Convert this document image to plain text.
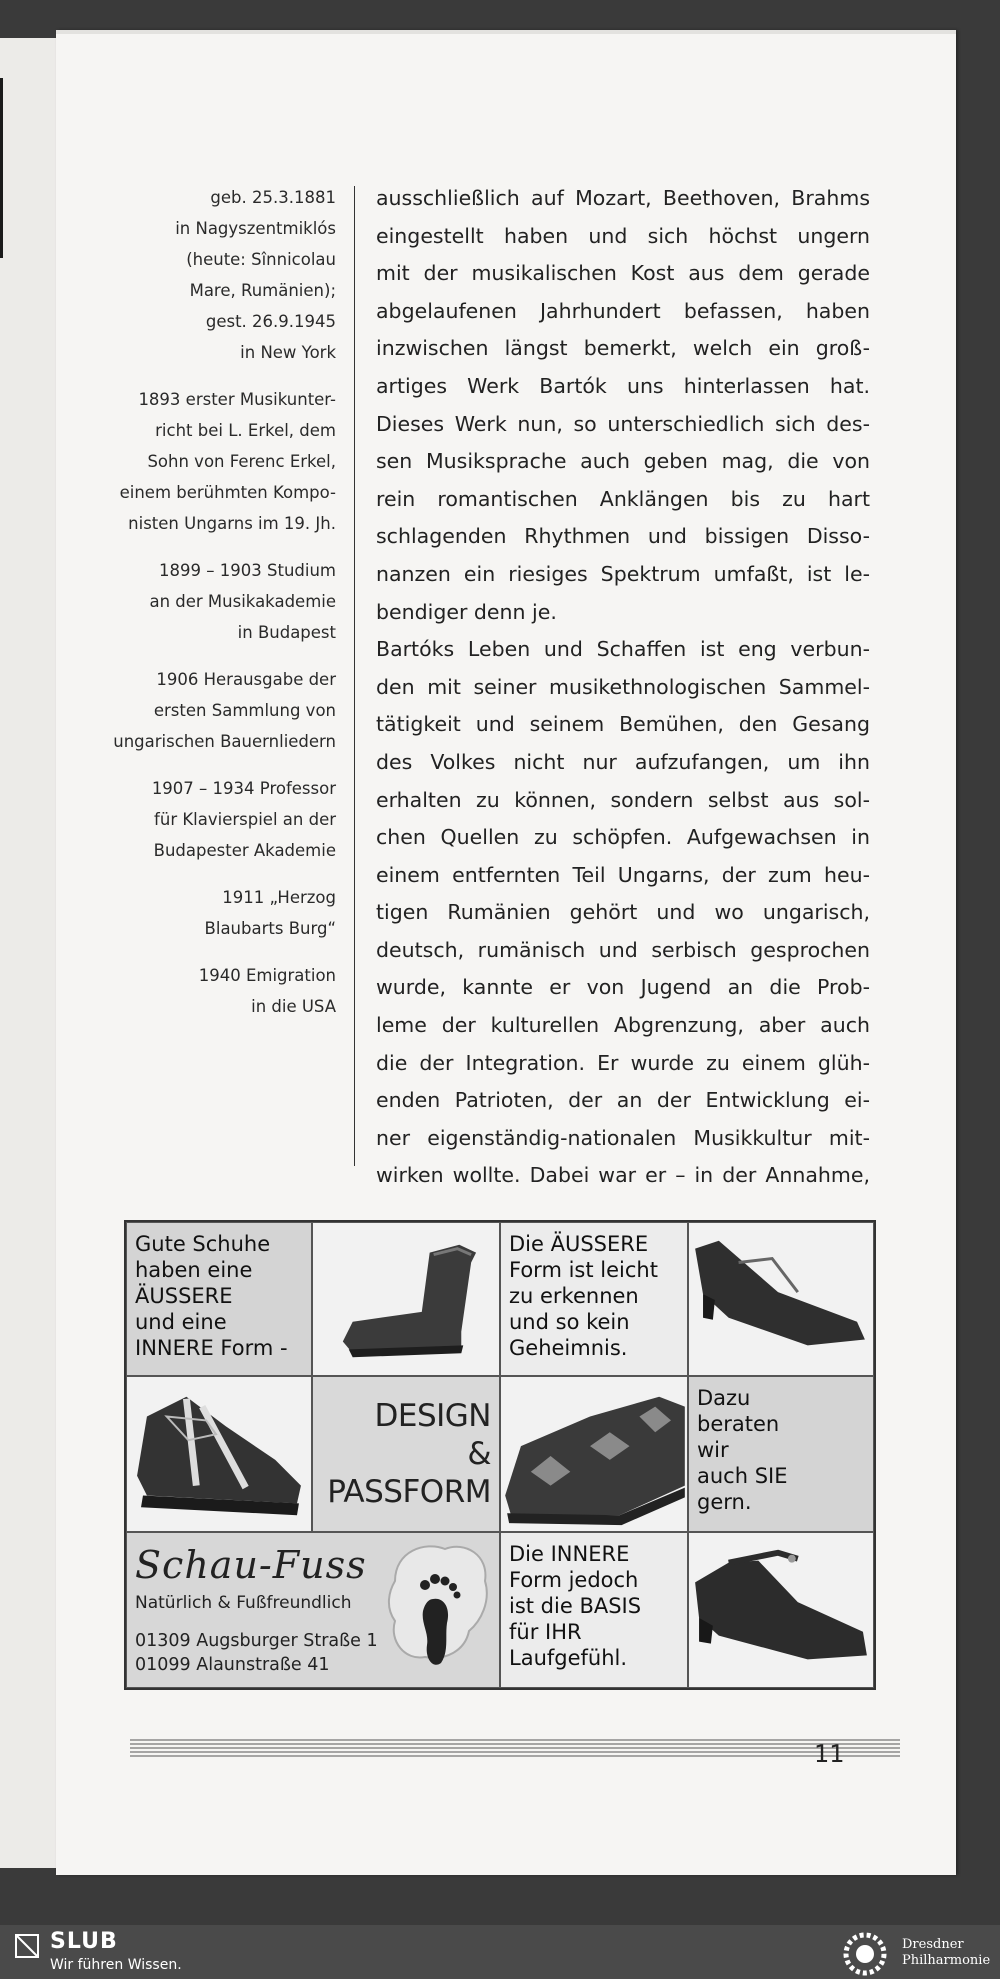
geb. 25.3.1881
in Nagyszentmiklós
(heute: Sînnicolau
Mare, Rumänien);
gest. 26.9.1945
in New York
1893 erster Musikunter-
richt bei L. Erkel, dem
Sohn von Ferenc Erkel,
einem berühmten Kompo-
nisten Ungarns im 19. Jh.
1899 – 1903 Studium
an der Musikakademie
in Budapest
1906 Herausgabe der
ersten Sammlung von
ungarischen Bauernliedern
1907 – 1934 Professor
für Klavierspiel an der
Budapester Akademie
1911 „Herzog
Blaubarts Burg“
1940 Emigration
in die USA
ausschließlich auf Mozart, Beethoven, Brahms
eingestellt haben und sich höchst ungern
mit der musikalischen Kost aus dem gerade
abgelaufenen Jahrhundert befassen, haben
inzwischen längst bemerkt, welch ein groß-
artiges Werk Bartók uns hinterlassen hat.
Dieses Werk nun, so unterschiedlich sich des-
sen Musiksprache auch geben mag, die von
rein romantischen Anklängen bis zu hart
schlagenden Rhythmen und bissigen Disso-
nanzen ein riesiges Spektrum umfaßt, ist le-
bendiger denn je.
Bartóks Leben und Schaffen ist eng verbun-
den mit seiner musikethnologischen Sammel-
tätigkeit und seinem Bemühen, den Gesang
des Volkes nicht nur aufzufangen, um ihn
erhalten zu können, sondern selbst aus sol-
chen Quellen zu schöpfen. Aufgewachsen in
einem entfernten Teil Ungarns, der zum heu-
tigen Rumänien gehört und wo ungarisch,
deutsch, rumänisch und serbisch gesprochen
wurde, kannte er von Jugend an die Prob-
leme der kulturellen Abgrenzung, aber auch
die der Integration. Er wurde zu einem glüh-
enden Patrioten, der an der Entwicklung ei-
ner eigenständig-nationalen Musikkultur mit-
wirken wollte. Dabei war er – in der Annahme,
Gute Schuhe
haben eine
ÄUSSERE
und eine
INNERE Form -
Die ÄUSSERE
Form ist leicht
zu erkennen
und so kein
Geheimnis.
DESIGN
&
PASSFORM
Dazu
beraten
wir
auch SIE
gern.
Schau-Fuss
Natürlich & Fußfreundlich
01309 Augsburger Straße 1
01099 Alaunstraße 41
Die INNERE
Form jedoch
ist die BASIS
für IHR
Laufgefühl.
11
SLUB
Wir führen Wissen.
Dresdner
Philharmonie
